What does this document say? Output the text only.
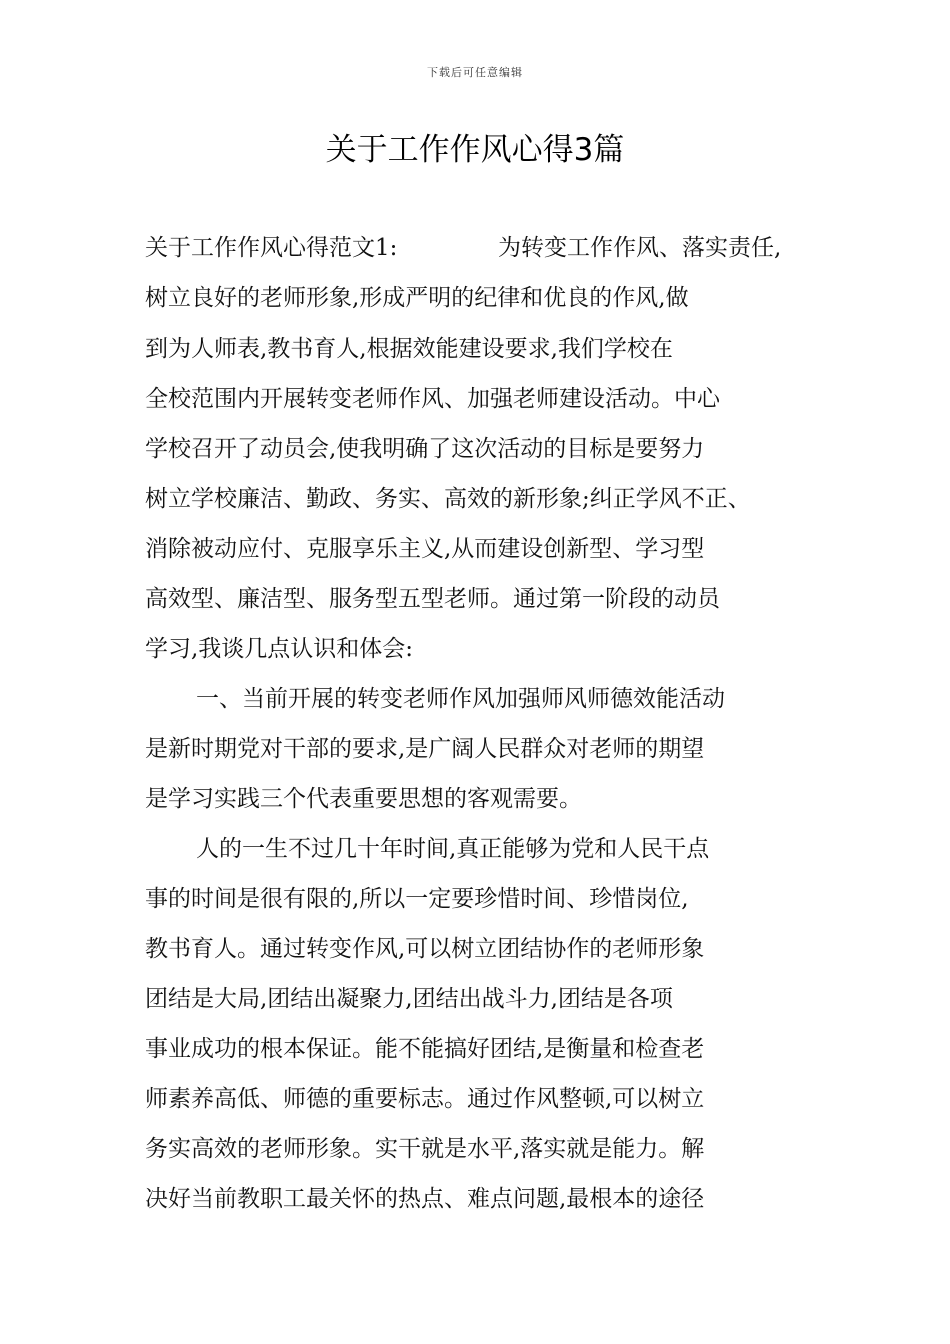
下载后可任意编辑
关于工作作风心得3篇
关于工作作风心得范文1:	为转变工作作风、落实责任,
树立良好的老师形象,形成严明的纪律和优良的作风,做
到为人师表,教书育人,根据效能建设要求,我们学校在
全校范围内开展转变老师作风、加强老师建设活动。中心
学校召开了动员会,使我明确了这次活动的目标是要努力
树立学校廉洁、勤政、务实、高效的新形象;纠正学风不正、
消除被动应付、克服享乐主义,从而建设创新型、学习型
高效型、廉洁型、服务型五型老师。通过第一阶段的动员
学习,我谈几点认识和体会:
一、当前开展的转变老师作风加强师风师德效能活动
是新时期党对干部的要求,是广阔人民群众对老师的期望
是学习实践三个代表重要思想的客观需要。
人的一生不过几十年时间,真正能够为党和人民干点
事的时间是很有限的,所以一定要珍惜时间、珍惜岗位,
教书育人。通过转变作风,可以树立团结协作的老师形象
团结是大局,团结出凝聚力,团结出战斗力,团结是各项
事业成功的根本保证。能不能搞好团结,是衡量和检查老
师素养高低、师德的重要标志。通过作风整顿,可以树立
务实高效的老师形象。实干就是水平,落实就是能力。解
决好当前教职工最关怀的热点、难点问题,最根本的途径
